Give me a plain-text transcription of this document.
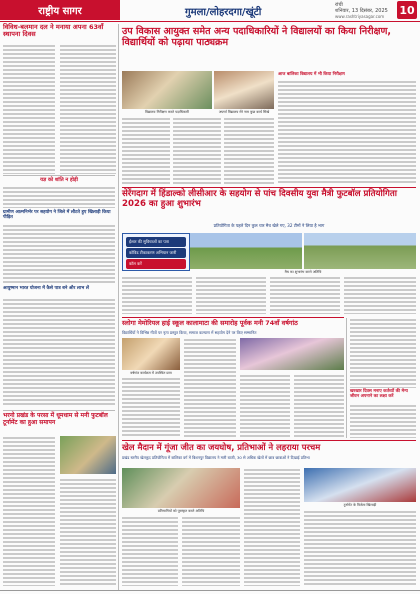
राष्ट्रीय सागर	गुमला/लोहरदगा/खूंटी
रांची
शनिवार, 13 दिसंबर, 2025
www.rashtriyasagar.com 10
विविध-बलमान दल ने मनाया अपना 63वाँ स्थापना दिवस
यज्ञ को शांति न होड़ी
ग्रामीण आत्मनिर्भर पर सहयोग ने जिले में लौटते हुए खिलाड़ी किया पीड़ित
आयुष्मान भारत योजना में कैसे पात्र बने और लाभ लें
भरनो प्रखंड के परसा में धूमधाम से मनी फुटबॉल टूर्नामेंट का हुआ समापन
उप विकास आयुक्त समेत अन्य पदाधिकारियों ने विद्यालयों का किया निरीक्षण, विद्यार्थियों को पढ़ाया पाठ्यक्रम
विद्यालय निरीक्षण करते पदाधिकारी	अपर्णा विद्यालय मेरे नाम कुछ कार्य सिखे
आज बालिका विद्यालय में भी किया निरीक्षण
सेरेंगदाग में हिंडाल्को लीसीआर के सहयोग से पांच दिवसीय युवा मैत्री फुटबॉल प्रतियोगिता 2026 का हुआ शुभारंभ
प्रतियोगिता के पहले दिन कुल चार मैच खेले गए, 32 टीमों ने लिया है भाग
ईश्वर की सुविधाओं का पता
कोविड टीकाकरण अभियान जारी
कॉल करें
मैच का शुभारंभ करते अतिथि
स्लोगा मेमोरियल हाई स्कूल कालामाटा की समारोह पूर्वक मनी 74वाँ वर्षगांठ
विद्यार्थियों ने विभिन्न गीतों पर नृत्य प्रस्तुत किया, समाज कल्याण में सहयोग देने पर किए सम्मानित
वर्षगांठ कार्यक्रम में उपस्थित छात्र
खरखार दिवस मनाए कर्तव्यों की मेन्य जीवन अपनाने का लक्ष्य करें
खेल मैदान में गूंजा जीत का जयघोष, प्रतिभाओं ने लहराया परचम
प्रखंड स्तरीय खेलकूद प्रतियोगिता में बालिका वर्ग में बिशनपुर विद्यालय ने मारी बाजी, 30 से अधिक खेलों में छात्र छात्राओं ने दिखाई प्रतिभा
प्रतिभागियों को पुरस्कृत करते अतिथि
टूर्नामेंट के विजेता खिलाड़ी
